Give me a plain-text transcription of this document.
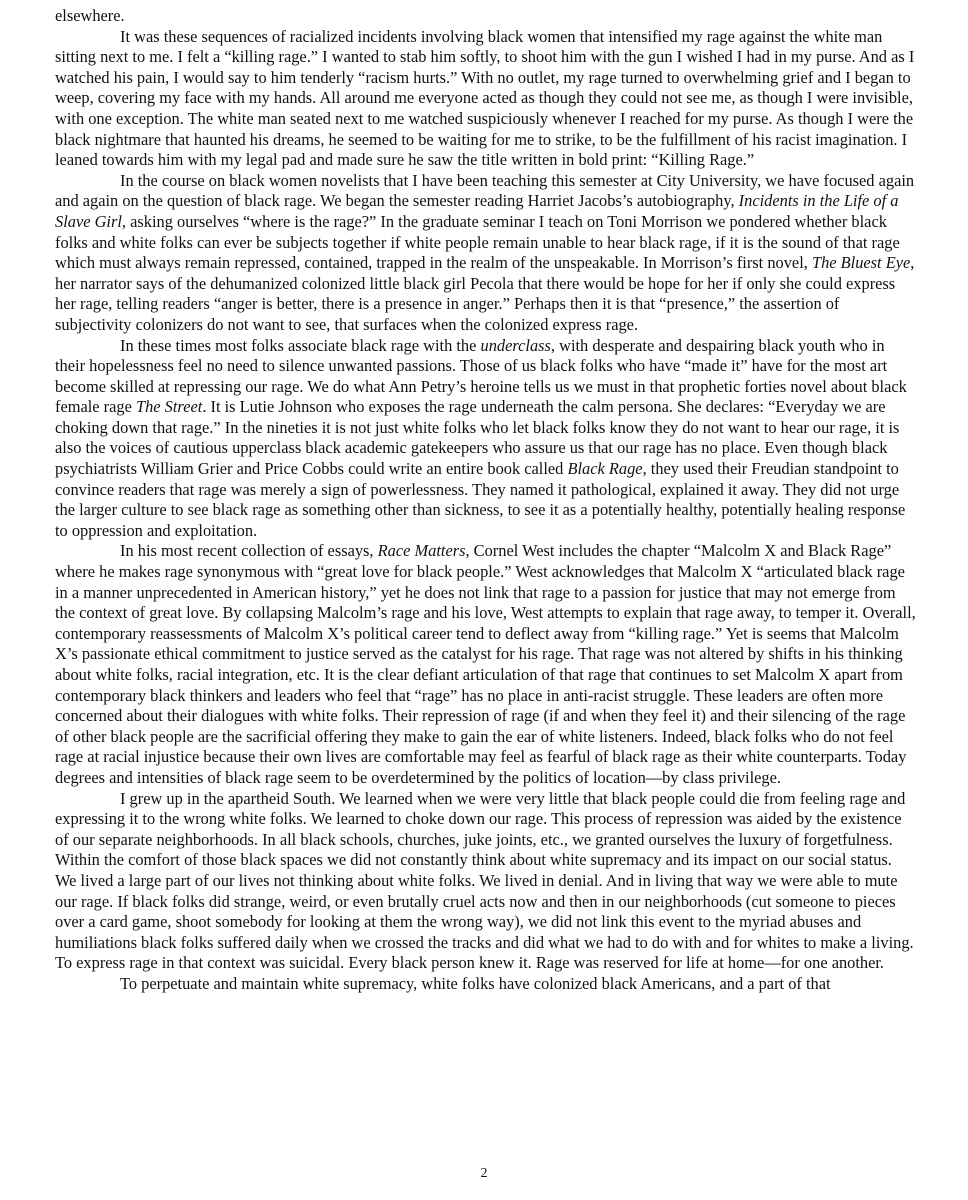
elsewhere.

It was these sequences of racialized incidents involving black women that intensified my rage against the white man sitting next to me. I felt a “killing rage.” I wanted to stab him softly, to shoot him with the gun I wished I had in my purse. And as I watched his pain, I would say to him tenderly “racism hurts.” With no outlet, my rage turned to overwhelming grief and I began to weep, covering my face with my hands. All around me everyone acted as though they could not see me, as though I were invisible, with one exception. The white man seated next to me watched suspiciously whenever I reached for my purse. As though I were the black nightmare that haunted his dreams, he seemed to be waiting for me to strike, to be the fulfillment of his racist imagination. I leaned towards him with my legal pad and made sure he saw the title written in bold print: “Killing Rage.”

In the course on black women novelists that I have been teaching this semester at City University, we have focused again and again on the question of black rage. We began the semester reading Harriet Jacobs’s autobiography, Incidents in the Life of a Slave Girl, asking ourselves “where is the rage?” In the graduate seminar I teach on Toni Morrison we pondered whether black folks and white folks can ever be subjects together if white people remain unable to hear black rage, if it is the sound of that rage which must always remain repressed, contained, trapped in the realm of the unspeakable. In Morrison’s first novel, The Bluest Eye, her narrator says of the dehumanized colonized little black girl Pecola that there would be hope for her if only she could express her rage, telling readers “anger is better, there is a presence in anger.” Perhaps then it is that “presence,” the assertion of subjectivity colonizers do not want to see, that surfaces when the colonized express rage.

In these times most folks associate black rage with the underclass, with desperate and despairing black youth who in their hopelessness feel no need to silence unwanted passions. Those of us black folks who have “made it” have for the most art become skilled at repressing our rage. We do what Ann Petry’s heroine tells us we must in that prophetic forties novel about black female rage The Street. It is Lutie Johnson who exposes the rage underneath the calm persona. She declares: “Everyday we are choking down that rage.” In the nineties it is not just white folks who let black folks know they do not want to hear our rage, it is also the voices of cautious upperclass black academic gatekeepers who assure us that our rage has no place. Even though black psychiatrists William Grier and Price Cobbs could write an entire book called Black Rage, they used their Freudian standpoint to convince readers that rage was merely a sign of powerlessness. They named it pathological, explained it away. They did not urge the larger culture to see black rage as something other than sickness, to see it as a potentially healthy, potentially healing response to oppression and exploitation.

In his most recent collection of essays, Race Matters, Cornel West includes the chapter “Malcolm X and Black Rage” where he makes rage synonymous with “great love for black people.” West acknowledges that Malcolm X “articulated black rage in a manner unprecedented in American history,” yet he does not link that rage to a passion for justice that may not emerge from the context of great love. By collapsing Malcolm’s rage and his love, West attempts to explain that rage away, to temper it. Overall, contemporary reassessments of Malcolm X’s political career tend to deflect away from “killing rage.” Yet is seems that Malcolm X’s passionate ethical commitment to justice served as the catalyst for his rage. That rage was not altered by shifts in his thinking about white folks, racial integration, etc. It is the clear defiant articulation of that rage that continues to set Malcolm X apart from contemporary black thinkers and leaders who feel that “rage” has no place in anti-racist struggle. These leaders are often more concerned about their dialogues with white folks. Their repression of rage (if and when they feel it) and their silencing of the rage of other black people are the sacrificial offering they make to gain the ear of white listeners. Indeed, black folks who do not feel rage at racial injustice because their own lives are comfortable may feel as fearful of black rage as their white counterparts. Today degrees and intensities of black rage seem to be overdetermined by the politics of location—by class privilege.

I grew up in the apartheid South. We learned when we were very little that black people could die from feeling rage and expressing it to the wrong white folks. We learned to choke down our rage. This process of repression was aided by the existence of our separate neighborhoods. In all black schools, churches, juke joints, etc., we granted ourselves the luxury of forgetfulness. Within the comfort of those black spaces we did not constantly think about white supremacy and its impact on our social status. We lived a large part of our lives not thinking about white folks. We lived in denial. And in living that way we were able to mute our rage. If black folks did strange, weird, or even brutally cruel acts now and then in our neighborhoods (cut someone to pieces over a card game, shoot somebody for looking at them the wrong way), we did not link this event to the myriad abuses and humiliations black folks suffered daily when we crossed the tracks and did what we had to do with and for whites to make a living. To express rage in that context was suicidal. Every black person knew it. Rage was reserved for life at home—for one another.

To perpetuate and maintain white supremacy, white folks have colonized black Americans, and a part of that

2
